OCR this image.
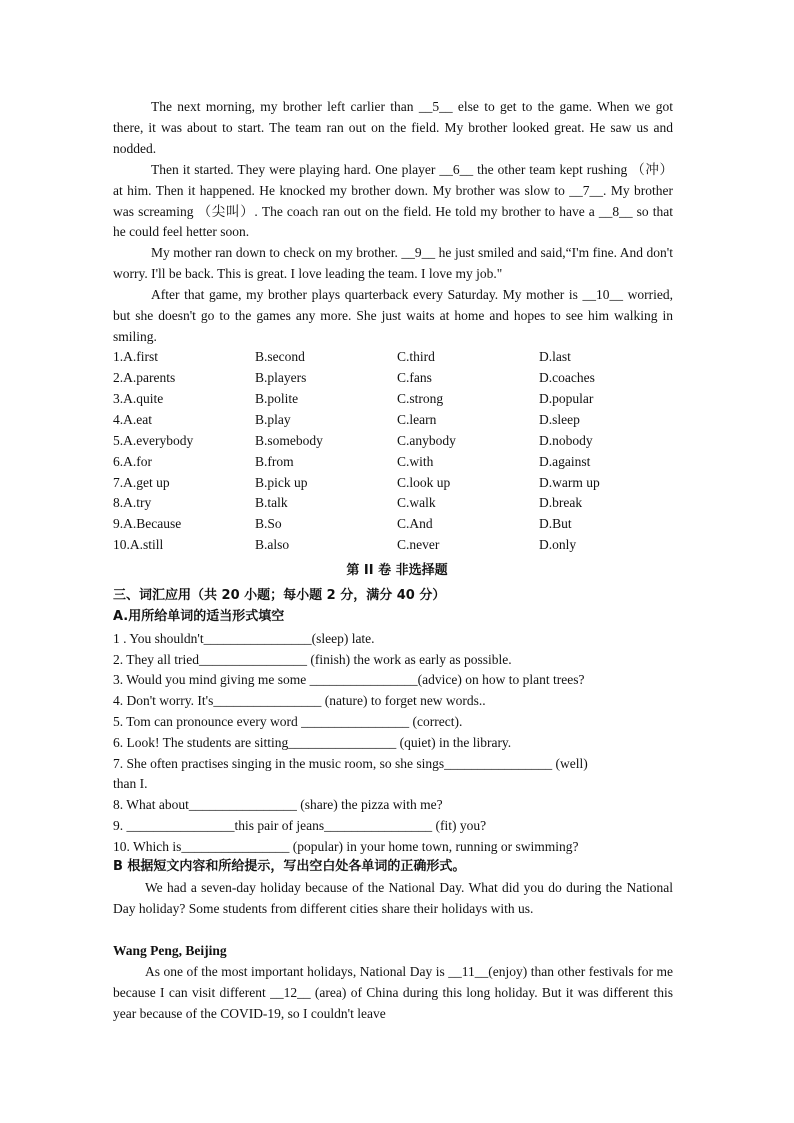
The next morning, my brother left carlier than __5__ else to get to the game. When we got there, it was about to start. The team ran out on the field. My brother looked great. He saw us and nodded.
Then it started. They were playing hard. One player __6__ the other team kept rushing （冲） at him. Then it happened. He knocked my brother down. My brother was slow to __7__. My brother was screaming （尖叫）. The coach ran out on the field. He told my brother to have a __8__ so that he could feel hetter soon.
My mother ran down to check on my brother. __9__ he just smiled and said,“I'm fine. And don't worry. I'll be back. This is great. I love leading the team. I love my job."
After that game, my brother plays quarterback every Saturday. My mother is __10__ worried, but she doesn't go to the games any more. She just waits at home and hopes to see him walking in smiling.
1.A.first	B.second	C.third	D.last
2.A.parents	B.players	C.fans	D.coaches
3.A.quite	B.polite	C.strong	D.popular
4.A.eat	B.play	C.learn	D.sleep
5.A.everybody	B.somebody	C.anybody	D.nobody
6.A.for	B.from	C.with	D.against
7.A.get up	B.pick up	C.look up	D.warm up
8.A.try	B.talk	C.walk	D.break
9.A.Because	B.So	C.And	D.But
10.A.still	B.also	C.never	D.only
第 II 卷 非选择题
三、词汇应用（共 20 小题；每小题 2 分，满分 40 分）
A.用所给单词的适当形式填空
1 . You shouldn't________________(sleep) late.
2. They all tried________________ (finish) the work as early as possible.
3. Would you mind giving me some ________________(advice) on how to plant trees?
4. Don't worry. It's________________ (nature) to forget new words..
5. Tom can pronounce every word ________________ (correct).
6. Look! The students are sitting________________ (quiet) in the library.
7. She often practises singing in the music room, so she sings________________ (well)
than I.
8. What about________________ (share) the pizza with me?
9. ________________this pair of jeans________________ (fit) you?
10. Which is________________ (popular) in your home town, running or swimming?
B 根据短文内容和所给提示，写出空白处各单词的正确形式。
We had a seven-day holiday because of the National Day. What did you do during the National Day holiday? Some students from different cities share their holidays with us.
Wang Peng, Beijing
As one of the most important holidays, National Day is __11__(enjoy) than other festivals for me because I can visit different __12__ (area) of China during this long holiday. But it was different this year because of the COVID-19, so I couldn't leave
